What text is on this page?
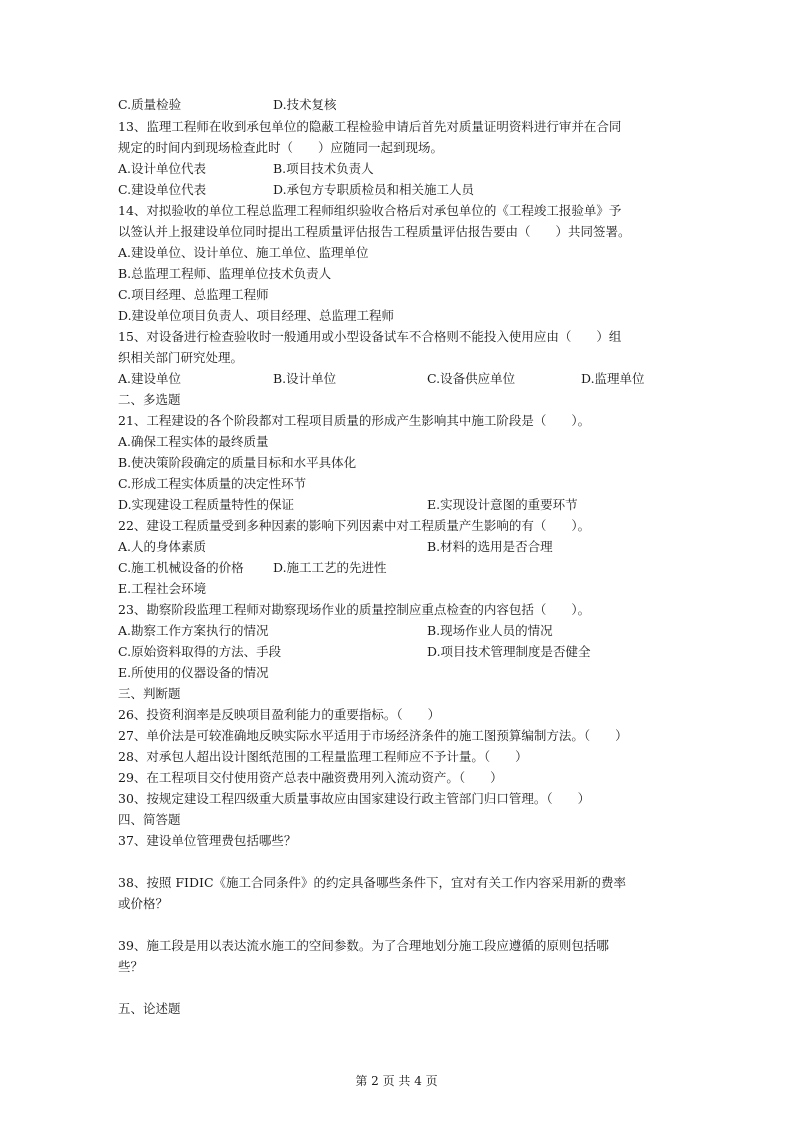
C.质量检验	D.技术复核
13、监理工程师在收到承包单位的隐蔽工程检验申请后首先对质量证明资料进行审并在合同
规定的时间内到现场检查此时（　　）应随同一起到现场。
A.设计单位代表	B.项目技术负责人
C.建设单位代表	D.承包方专职质检员和相关施工人员
14、对拟验收的单位工程总监理工程师组织验收合格后对承包单位的《工程竣工报验单》予
以签认并上报建设单位同时提出工程质量评估报告工程质量评估报告要由（　　）共同签署。
A.建设单位、设计单位、施工单位、监理单位
B.总监理工程师、监理单位技术负责人
C.项目经理、总监理工程师
D.建设单位项目负责人、项目经理、总监理工程师
15、对设备进行检查验收时一般通用或小型设备试车不合格则不能投入使用应由（　　）组
织相关部门研究处理。
A.建设单位	B.设计单位	C.设备供应单位	D.监理单位
二、多选题
21、工程建设的各个阶段都对工程项目质量的形成产生影响其中施工阶段是（　　）。
A.确保工程实体的最终质量
B.使决策阶段确定的质量目标和水平具体化
C.形成工程实体质量的决定性环节
D.实现建设工程质量特性的保证	E.实现设计意图的重要环节
22、建设工程质量受到多种因素的影响下列因素中对工程质量产生影响的有（　　）。
A.人的身体素质	B.材料的选用是否合理
C.施工机械设备的价格 D.施工工艺的先进性
E.工程社会环境
23、勘察阶段监理工程师对勘察现场作业的质量控制应重点检查的内容包括（　　）。
A.勘察工作方案执行的情况	B.现场作业人员的情况
C.原始资料取得的方法、手段	D.项目技术管理制度是否健全
E.所使用的仪器设备的情况
三、判断题
26、投资利润率是反映项目盈利能力的重要指标。（　　）
27、单价法是可较准确地反映实际水平适用于市场经济条件的施工图预算编制方法。（　　）
28、对承包人超出设计图纸范围的工程量监理工程师应不予计量。（　　）
29、在工程项目交付使用资产总表中融资费用列入流动资产。（　　）
30、按规定建设工程四级重大质量事故应由国家建设行政主管部门归口管理。（　　）
四、简答题
37、建设单位管理费包括哪些？
38、按照 FIDIC《施工合同条件》的约定具备哪些条件下，宜对有关工作内容采用新的费率
或价格？
39、施工段是用以表达流水施工的空间参数。为了合理地划分施工段应遵循的原则包括哪
些？
五、论述题
第 2 页 共 4 页
